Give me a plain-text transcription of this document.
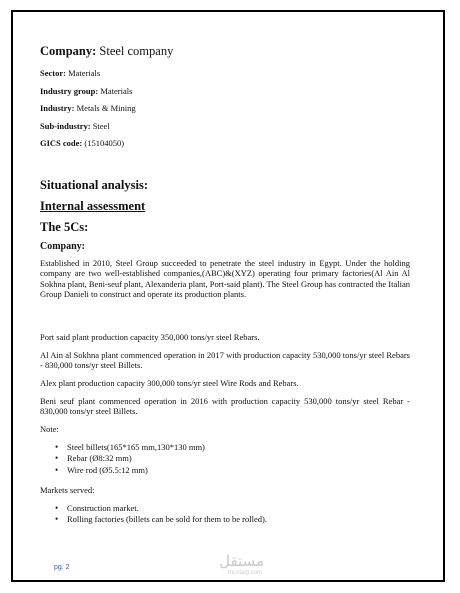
Company: Steel company
Sector: Materials
Industry group: Materials
Industry: Metals & Mining
Sub-industry: Steel
GICS code: (15104050)
Situational analysis:
Internal assessment
The 5Cs:
Company:
Established in 2010, Steel Group succeeded to penetrate the steel industry in Egypt. Under the holding company are two well-established companies,(ABC)&(XYZ) operating four primary factories(Al Ain Al Sokhna plant, Beni-seuf plant, Alexanderia plant, Port-said plant). The Steel Group has contracted the Italian Group Danieli to construct and operate its production plants.
Port said plant production capacity 350,000 tons/yr steel Rebars.
Al Ain al Sokhna plant commenced operation in 2017 with production capacity 530,000 tons/yr steel Rebars - 830,000 tons/yr steel Billets.
Alex plant production capacity 300,000 tons/yr steel Wire Rods and Rebars.
Beni seuf plant commenced operation in 2016 with production capacity 530,000 tons/yr steel Rebar - 830,000 tons/yr steel Billets.
Note:
• Steel billets(165*165 mm,130*130 mm)
• Rebar (Ø8:32 mm)
• Wire rod (Ø5.5:12 mm)
Markets served:
• Construction market.
• Rolling factories (billets can be sold for them to be rolled).
pg. 2	مستقل
mostaql.com
